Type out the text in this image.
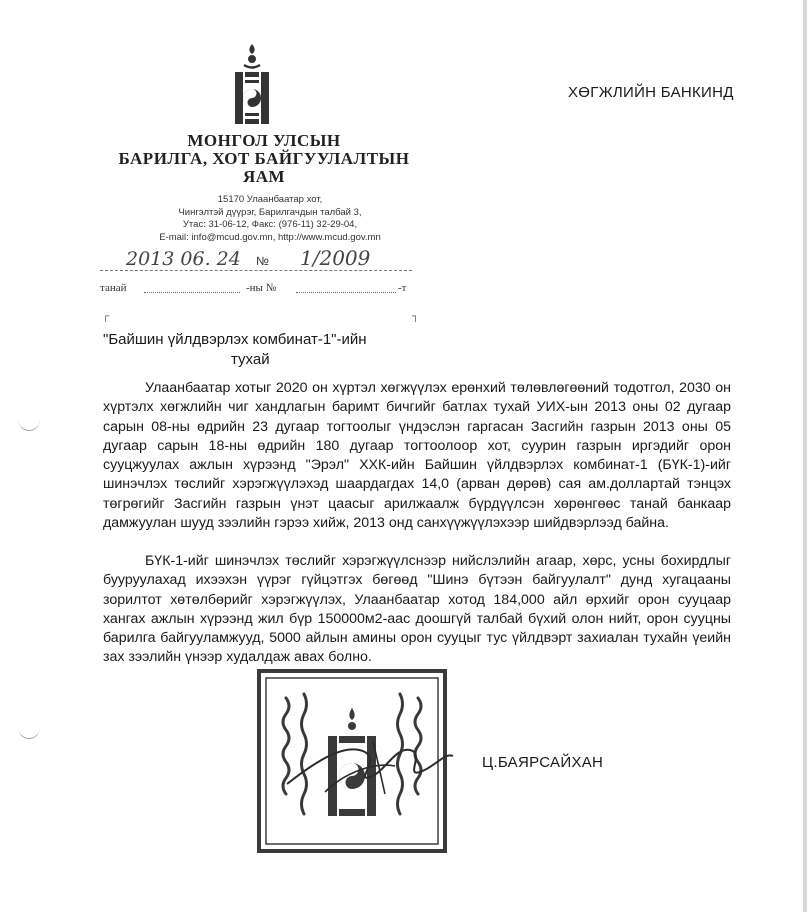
МОНГОЛ УЛСЫН
БАРИЛГА, ХОТ БАЙГУУЛАЛТЫН
ЯАМ
15170 Улаанбаатар хот,
Чингэлтэй дүүрэг, Барилгачдын талбай 3,
Утас: 31-06-12, Факс: (976-11) 32-29-04,
E-mail: info@mcud.gov.mn, http://www.mcud.gov.mn
2013 06. 24 № 1/2009
танай	-ны №	-т
┌	┐
ХӨГЖЛИЙН БАНКИНД
"Байшин үйлдвэрлэх комбинат-1"-ийн
тухай

Улаанбаатар хотыг 2020 он хүртэл хөгжүүлэх ерөнхий төлөвлөгөөний тодотгол, 2030 он хүртэлх хөгжлийн чиг хандлагын баримт бичгийг батлах тухай УИХ-ын 2013 оны 02 дугаар сарын 08-ны өдрийн 23 дугаар тогтоолыг үндэслэн гаргасан Засгийн газрын 2013 оны 05 дугаар сарын 18-ны өдрийн 180 дугаар тогтоолоор хот, суурин газрын иргэдийг орон сууцжуулах ажлын хүрээнд "Эрэл" ХХК-ийн Байшин үйлдвэрлэх комбинат-1 (БҮК-1)-ийг шинэчлэх төслийг хэрэгжүүлэхэд шаардагдах 14,0 (арван дөрөв) сая ам.доллартай тэнцэх төгрөгийг Засгийн газрын үнэт цаасыг арилжаалж бүрдүүлсэн хөрөнгөөс танай банкаар дамжуулан шууд зээлийн гэрээ хийж, 2013 онд санхүүжүүлэхээр шийдвэрлээд байна.

БҮК-1-ийг шинэчлэх төслийг хэрэгжүүлснээр нийслэлийн агаар, хөрс, усны бохирдлыг бууруулахад ихээхэн үүрэг гүйцэтгэх бөгөөд "Шинэ бүтээн байгуулалт" дунд хугацааны зорилтот хөтөлбөрийг хэрэгжүүлэх, Улаанбаатар хотод 184,000 айл өрхийг орон сууцаар хангах ажлын хүрээнд жил бүр 150000м2-аас доошгүй талбай бүхий олон нийт, орон сууцны барилга байгууламжууд, 5000 айлын амины орон сууцыг тус үйлдвэрт захиалан тухайн үеийн зах зээлийн үнээр худалдаж авах болно.

Ц.БАЯРСАЙХАН
